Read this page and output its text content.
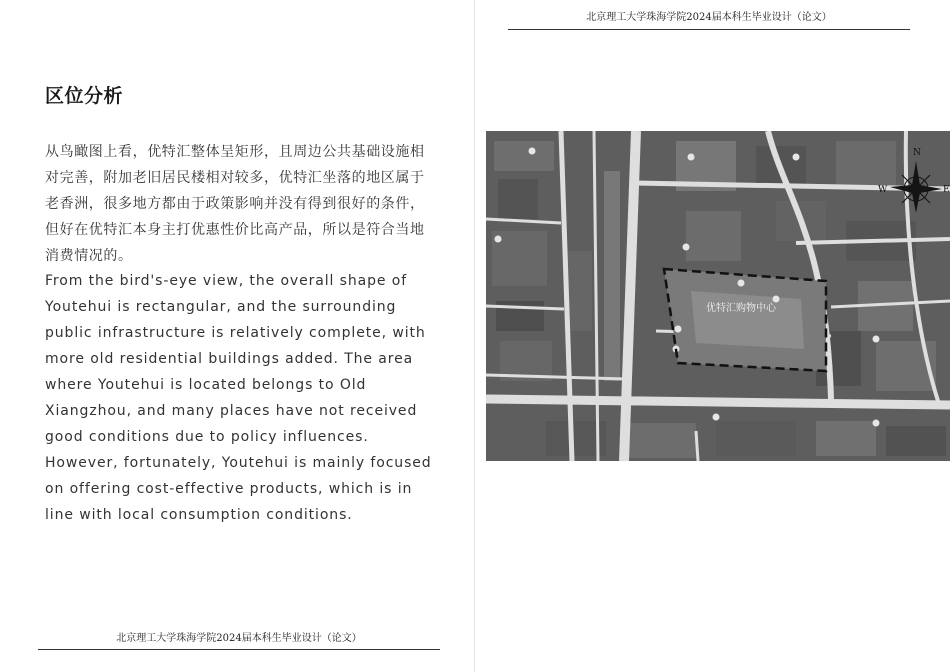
区位分析

从鸟瞰图上看，优特汇整体呈矩形，且周边公共基础设施相对完善，附加老旧居民楼相对较多，优特汇坐落的地区属于老香洲，很多地方都由于政策影响并没有得到很好的条件，但好在优特汇本身主打优惠性价比高产品，所以是符合当地消费情况的。

From the bird's-eye view, the overall shape of Youtehui is rectangular, and the surrounding public infrastructure is relatively complete, with more old residential buildings added. The area where Youtehui is located belongs to Old Xiangzhou, and many places have not received good conditions due to policy influences. However, fortunately, Youtehui is mainly focused on offering cost-effective products, which is in line with local consumption conditions.

北京理工大学珠海学院2024届本科生毕业设计（论文）
北京理工大学珠海学院2024届本科生毕业设计（论文）
优特汇购物中心
N
W	E
